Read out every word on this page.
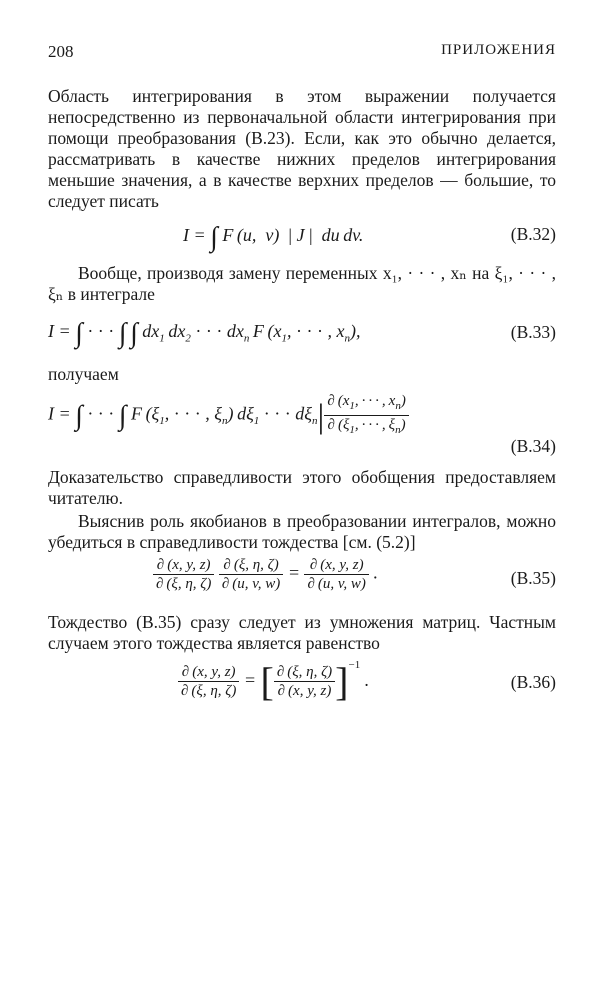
208	ПРИЛОЖЕНИЯ

Область интегрирования в этом выражении получается непосредственно из первоначальной области интегрирования при помощи преобразования (В.23). Если, как это обычно делается, рассматривать в качестве нижних пределов интегрирования меньшие значения, а в качестве верхних пределов — большие, то следует писать

I = ∫ F (u,  v)  | J |  du dv.	(B.32)

Вообще, производя замену переменных x₁, · · · , xₙ на ξ₁, · · · , ξₙ в интеграле

I = ∫ · · · ∫  ∫ $dx_1$ $dx_2$ · · · $dx_n$ F ($x_1$, · · · , $x_n$),	(B.33)

получаем

I = ∫ · · · ∫ F ($\xi_1$, · · · , $\xi_n$) $d\xi_1$ · · · $d\xi_n| \frac{\partial (x_1, \cdot \cdot \cdot , x_n)}{\partial (\xi_1, \cdot \cdot \cdot , \xi_n)}$
(B.34)

Доказательство справедливости этого обобщения предоставляем читателю.

Выяснив роль якобианов в преобразовании интегралов, можно убедиться в справедливости тождества [см. (5.2)]

$\frac{\partial (x, y, z)}{\partial (\xi, \eta, \zeta)}$
$\frac{\partial (\xi, \eta, \zeta)}{\partial (u, v, w)} = \frac{\partial (x, y, z)}{\partial (u, v, w)}$ .	(B.35)

Тождество (В.35) сразу следует из умножения матриц. Частным случаем этого тождества является равенство

$\frac{\partial (x, y, z)}{\partial (\xi, \eta, \zeta)}$ = [ $\frac{\partial (\xi, \eta, \zeta)}{\partial (x, y, z)} ]^{-1}$ .	(B.36)
